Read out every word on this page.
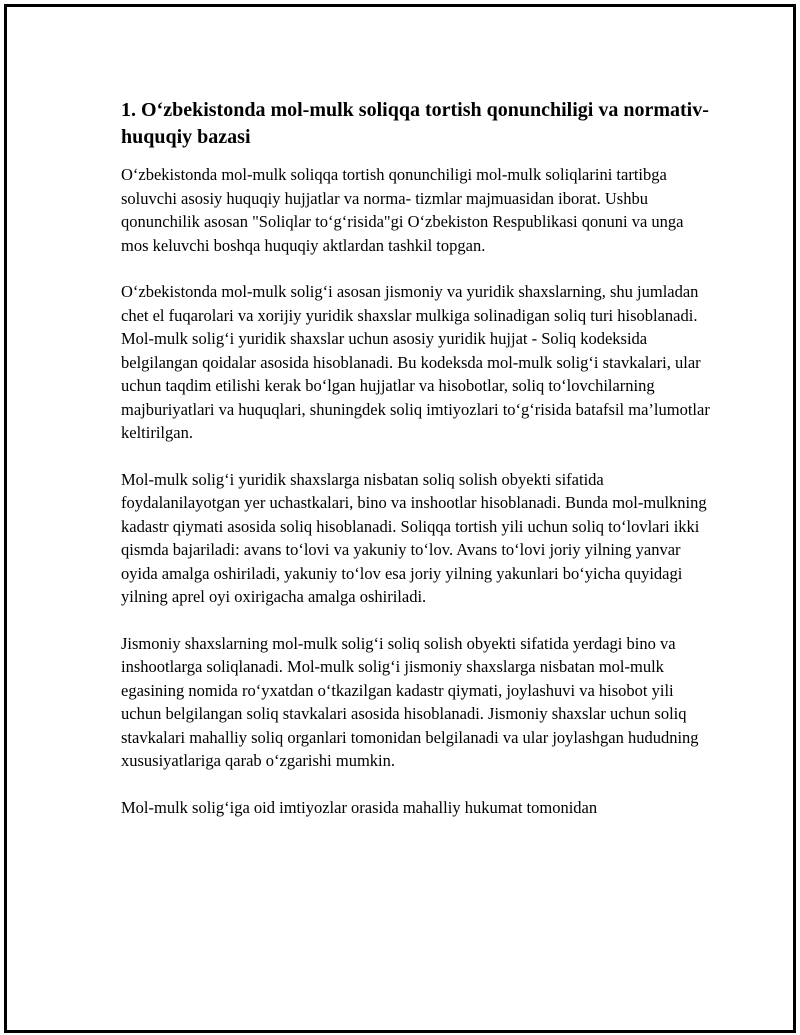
1. O‘zbekistonda mol-mulk soliqqa tortish qonunchiligi va normativ-huquqiy bazasi

O‘zbekistonda mol-mulk soliqqa tortish qonunchiligi mol-mulk soliqlarini tartibga soluvchi asosiy huquqiy hujjatlar va norma- tizmlar majmuasidan iborat. Ushbu qonunchilik asosan "Soliqlar to‘g‘risida"gi O‘zbekiston Respublikasi qonuni va unga mos keluvchi boshqa huquqiy aktlardan tashkil topgan.

O‘zbekistonda mol-mulk solig‘i asosan jismoniy va yuridik shaxslarning, shu jumladan chet el fuqarolari va xorijiy yuridik shaxslar mulkiga solinadigan soliq turi hisoblanadi. Mol-mulk solig‘i yuridik shaxslar uchun asosiy yuridik hujjat - Soliq kodeksida belgilangan qoidalar asosida hisoblanadi. Bu kodeksda mol-mulk solig‘i stavkalari, ular uchun taqdim etilishi kerak bo‘lgan hujjatlar va hisobotlar, soliq to‘lovchilarning majburiyatlari va huquqlari, shuningdek soliq imtiyozlari to‘g‘risida batafsil ma’lumotlar keltirilgan.

Mol-mulk solig‘i yuridik shaxslarga nisbatan soliq solish obyekti sifatida foydalanilayotgan yer uchastkalari, bino va inshootlar hisoblanadi. Bunda mol-mulkning kadastr qiymati asosida soliq hisoblanadi. Soliqqa tortish yili uchun soliq to‘lovlari ikki qismda bajariladi: avans to‘lovi va yakuniy to‘lov. Avans to‘lovi joriy yilning yanvar oyida amalga oshiriladi, yakuniy to‘lov esa joriy yilning yakunlari bo‘yicha quyidagi yilning aprel oyi oxirigacha amalga oshiriladi.

Jismoniy shaxslarning mol-mulk solig‘i soliq solish obyekti sifatida yerdagi bino va inshootlarga soliqlanadi. Mol-mulk solig‘i jismoniy shaxslarga nisbatan mol-mulk egasining nomida ro‘yxatdan o‘tkazilgan kadastr qiymati, joylashuvi va hisobot yili uchun belgilangan soliq stavkalari asosida hisoblanadi. Jismoniy shaxslar uchun soliq stavkalari mahalliy soliq organlari tomonidan belgilanadi va ular joylashgan hududning xususiyatlariga qarab o‘zgarishi mumkin.

Mol-mulk solig‘iga oid imtiyozlar orasida mahalliy hukumat tomonidan
